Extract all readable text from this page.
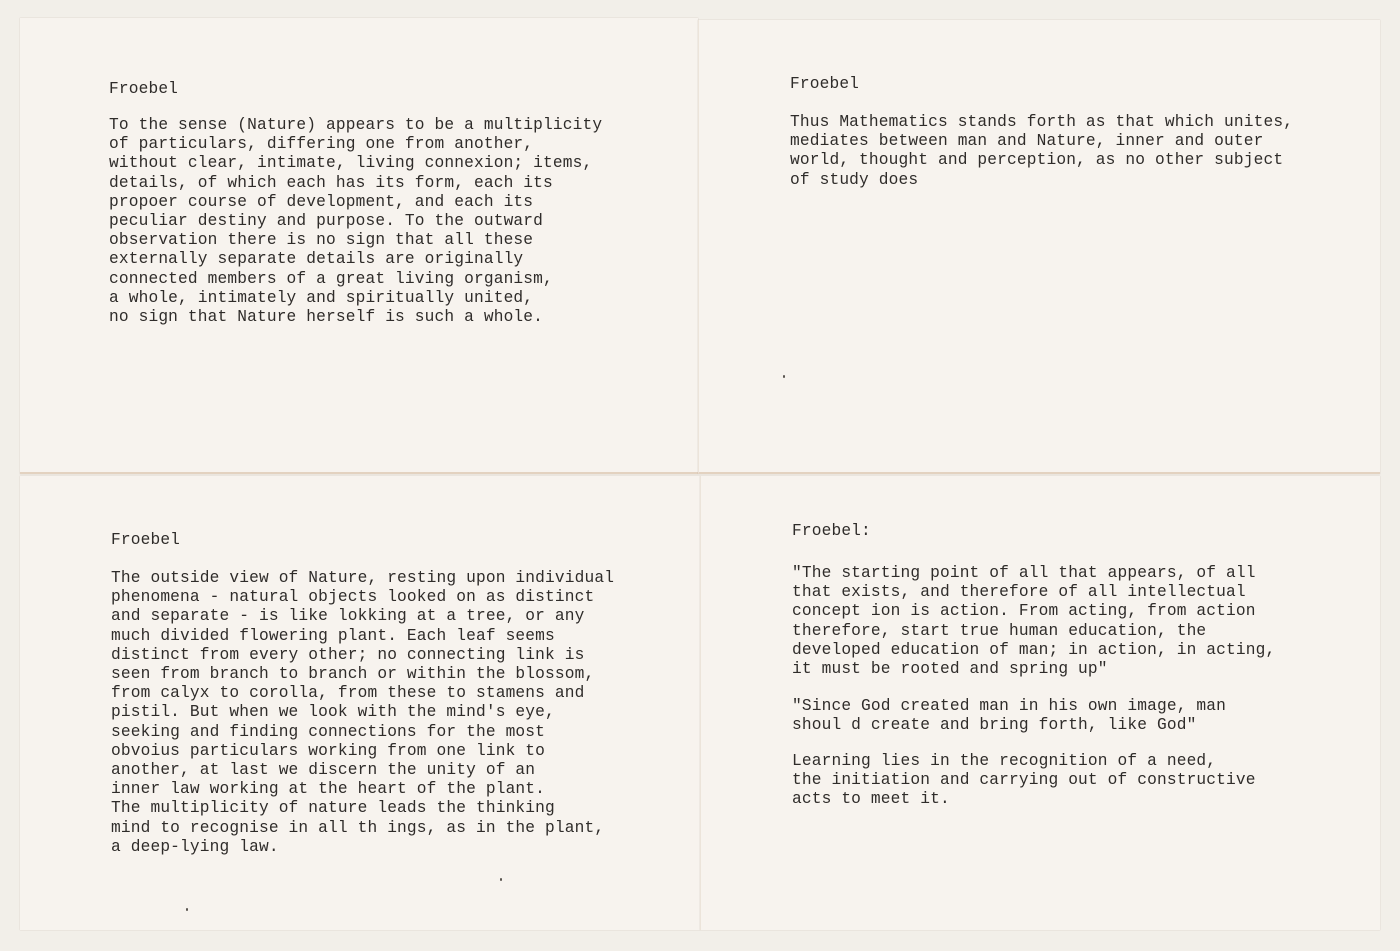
Froebel

To the sense (Nature) appears to be a multiplicity
of particulars, differing one from another,
without clear, intimate, living connexion; items,
details, of which each has its form, each its
propoer course of development, and each its
peculiar destiny and purpose. To the outward
observation there is no sign that all these
externally separate details are originally
connected members of a great living organism,
a whole, intimately and spiritually united,
no sign that Nature herself is such a whole.

Froebel

Thus Mathematics stands forth as that which unites,
mediates between man and Nature, inner and outer
world, thought and perception, as no other subject
of study does

Froebel

The outside view of Nature, resting upon individual
phenomena - natural objects looked on as distinct
and separate - is like lokking at a tree, or any
much divided flowering plant. Each leaf seems
distinct from every other; no connecting link is
seen from branch to branch or within the blossom,
from calyx to corolla, from these to stamens and
pistil. But when we look with the mind's eye,
seeking and finding connections for the most
obvoius particulars working from one link to
another, at last we discern the unity of an
inner law working at the heart of the plant.
The multiplicity of nature leads the thinking
mind to recognise in all th ings, as in the plant,
a deep-lying law.

Froebel:

"The starting point of all that appears, of all
that exists, and therefore of all intellectual
concept ion is action. From acting, from action
therefore, start true human education, the
developed education of man; in action, in acting,
it must be rooted and spring up"

"Since God created man in his own image, man
shoul d create and bring forth, like God"

Learning lies in the recognition of a need,
the initiation and carrying out of constructive
acts to meet it.
